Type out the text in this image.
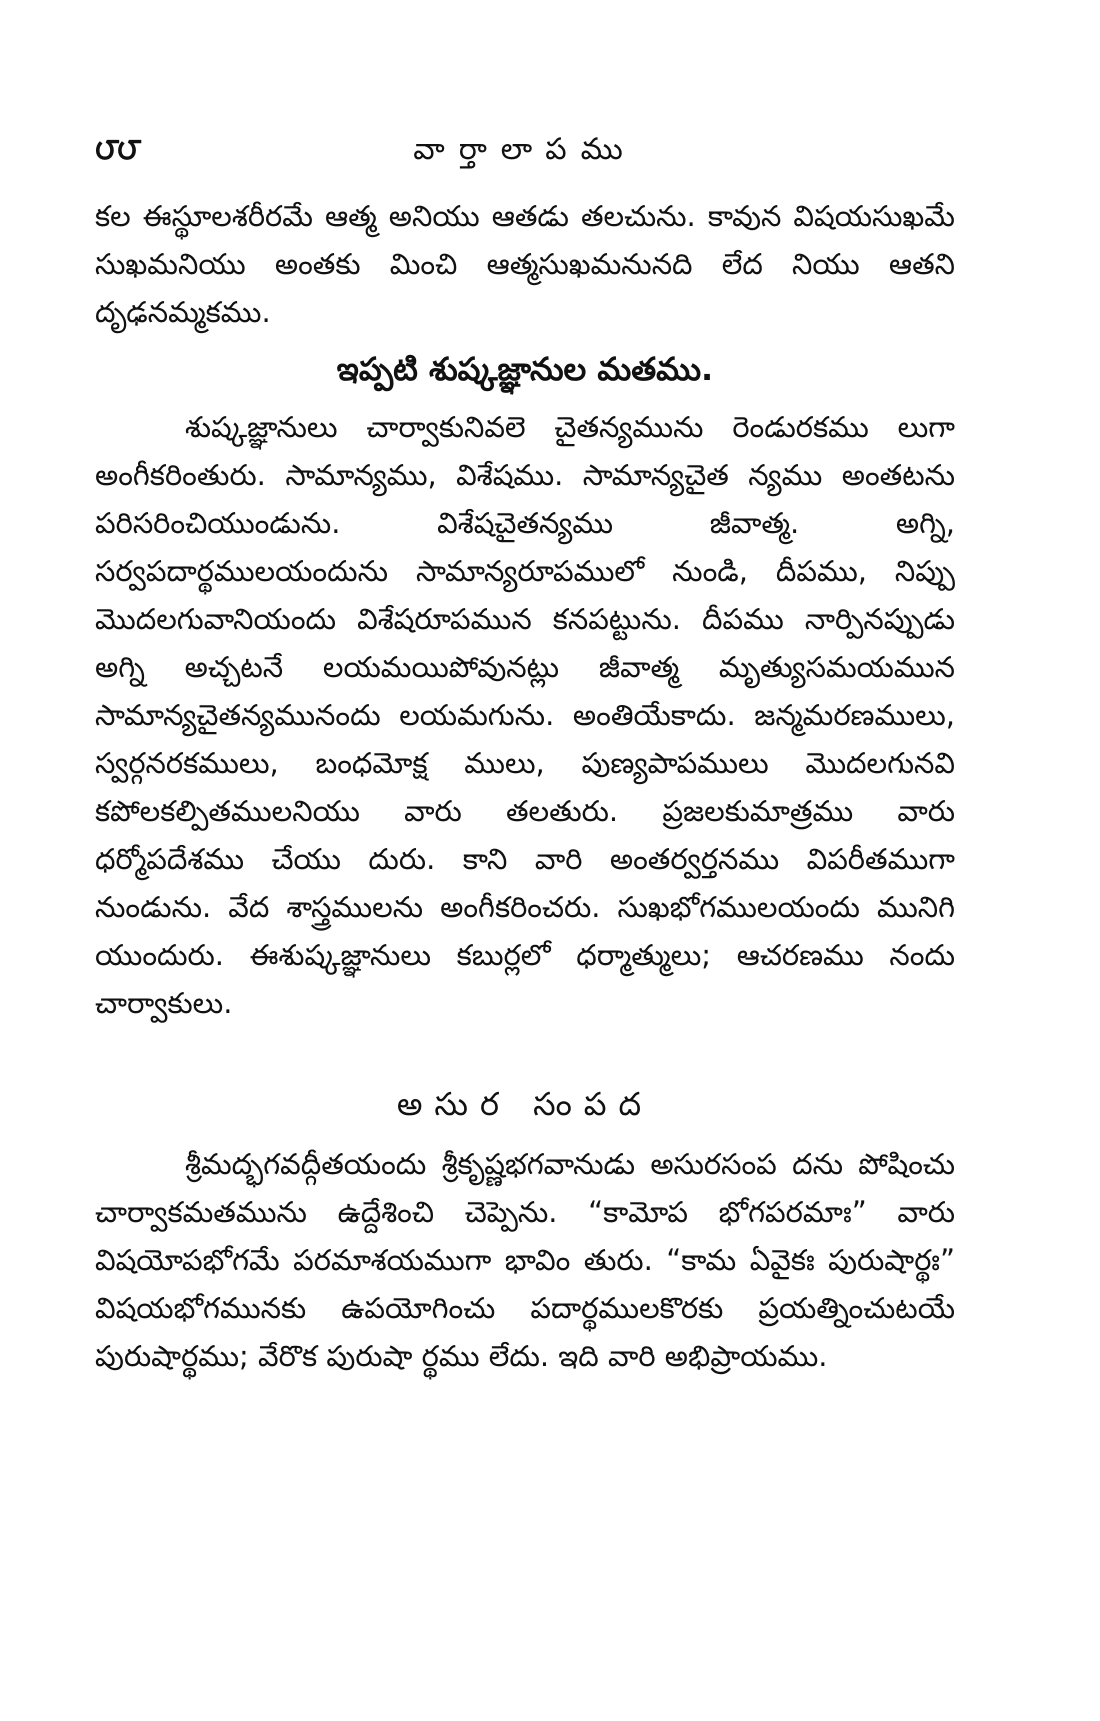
౮౮	వార్తాలాపము

కల ఈస్థూలశరీరమే ఆత్మ అనియు ఆతడు తలచును. కావున విషయసుఖమే సుఖమనియు అంతకు మించి ఆత్మసుఖమనునది లేద నియు ఆతని దృఢనమ్మకము.

ఇప్పటి శుష్కజ్ఞానుల మతము.

శుష్కజ్ఞానులు చార్వాకునివలె చైతన్యమును రెండురకము లుగా అంగీకరింతురు. సామాన్యము, విశేషము. సామాన్యచైత న్యము అంతటను పరిసరించియుండును. విశేషచైతన్యము జీవాత్మ. అగ్ని, సర్వపదార్థములయందును సామాన్యరూపములో నుండి, దీపము, నిప్పు మొదలగువానియందు విశేషరూపమున కనపట్టును. దీపము నార్పినప్పుడు అగ్ని అచ్చటనే లయమయిపోవునట్లు జీవాత్మ మృత్యుసమయమున సామాన్యచైతన్యమునందు లయమగును. అంతియేకాదు. జన్మమరణములు, స్వర్గనరకములు, బంధమోక్ష ములు, పుణ్యపాపములు మొదలగునవి కపోలకల్పితములనియు వారు తలతురు. ప్రజలకుమాత్రము వారు ధర్మోపదేశము చేయు దురు. కాని వారి అంతర్వర్తనము విపరీతముగా నుండును. వేద శాస్త్రములను అంగీకరించరు. సుఖభోగములయందు మునిగి యుందురు. ఈశుష్కజ్ఞానులు కబుర్లలో ధర్మాత్ములు; ఆచరణము నందు చార్వాకులు.

అసుర సంపద

శ్రీమద్భగవద్గీతయందు శ్రీకృష్ణభగవానుడు అసురసంప దను పోషించు చార్వాకమతమును ఉద్దేశించి చెప్పెను. “కామోప భోగపరమాః” వారు విషయోపభోగమే పరమాశయముగా భావిం తురు. “కామ ఏవైకః పురుషార్థః” విషయభోగమునకు ఉపయోగించు పదార్థములకొరకు ప్రయత్నించుటయే పురుషార్థము; వేరొక పురుషా ర్థము లేదు. ఇది వారి అభిప్రాయము.
